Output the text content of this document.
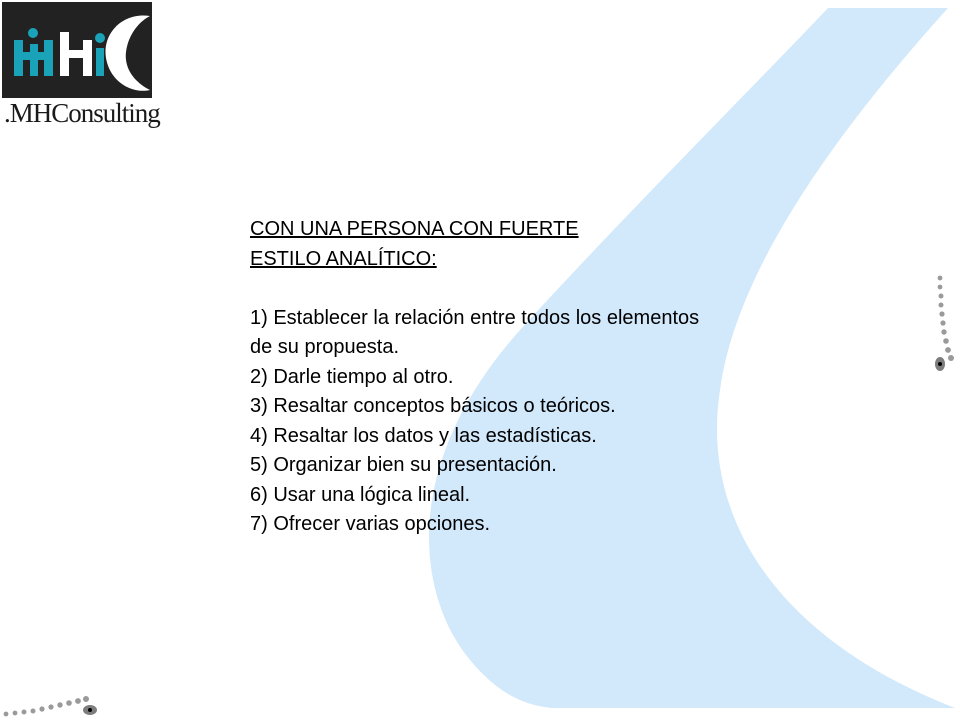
.MHConsulting
CON UNA PERSONA CON FUERTE
ESTILO ANALÍTICO:
1) Establecer la relación entre todos los elementos de su propuesta.
2) Darle tiempo al otro.
3) Resaltar conceptos básicos o teóricos.
4) Resaltar los datos y las estadísticas.
5) Organizar bien su presentación.
6) Usar una lógica lineal.
7) Ofrecer varias opciones.
